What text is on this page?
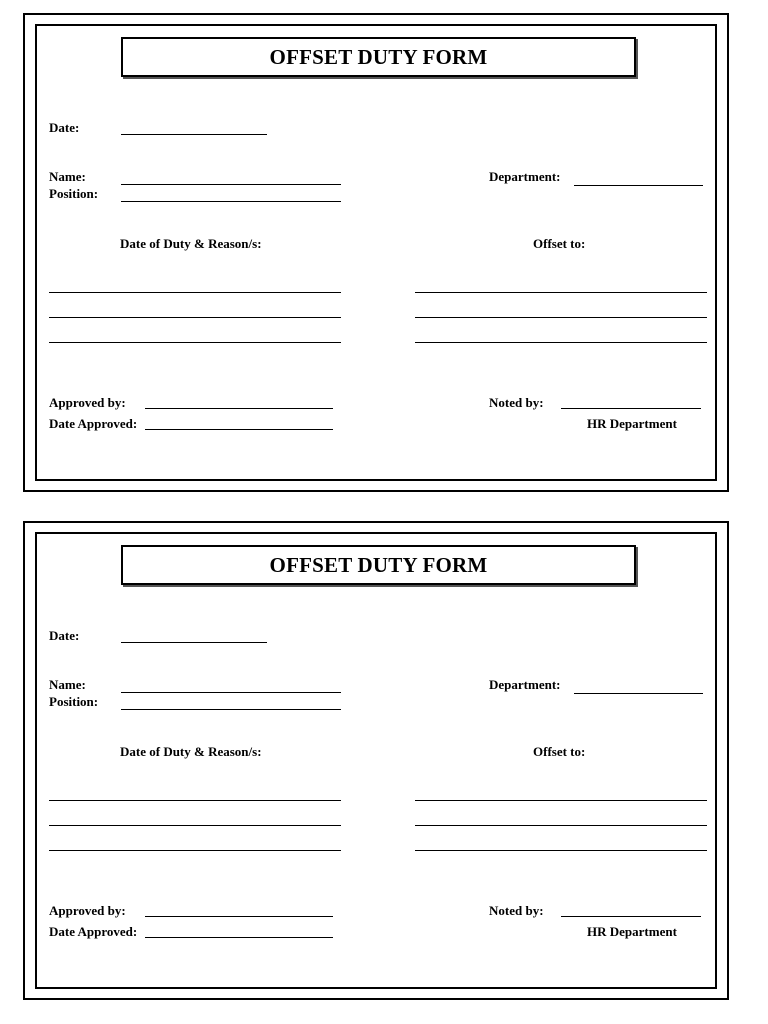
OFFSET DUTY FORM
Date:
Name:
Position:
Department:
Date of Duty & Reason/s:	Offset to:
Approved by:
Date Approved:
Noted by:
HR Department
OFFSET DUTY FORM
Date:
Name:
Position:
Department:
Date of Duty & Reason/s:	Offset to:
Approved by:
Date Approved:
Noted by:
HR Department
